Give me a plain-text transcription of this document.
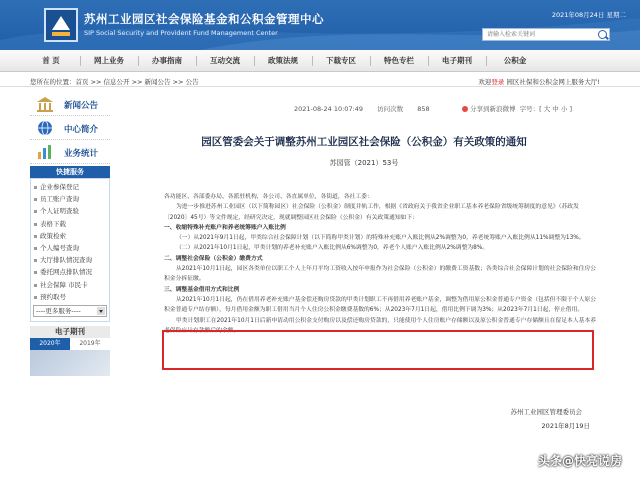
苏州工业园区社会保险基金和公积金管理中心
SIP Social Security and Provident Fund Management Center
2021年08月24日 星期二
请输入检索关键词
首 页	网上业务	办事指南	互动交流	政策法规	下载专区	特色专栏	电子期刊	公积金
您所在的位置：首页 >> 信息公开 >> 新闻公告 >> 公告	欢迎登录 园区社保和公积金网上服务大厅!
新闻公告
中心简介
业务统计
快捷服务
企业参保登记
员工账户查询
个人证明查验
表格下载
政策检索
个人编号查询
大厅排队情况查询
委托网点排队情况
社会保障 市民卡
预约取号
----更多服务----
电子期刊
2020年	2019年
2021-08-24 10:07:49 访问次数 858	分享到新浪微博 字号：[ 大 中 小 ]
园区管委会关于调整苏州工业园区社会保险（公积金）有关政策的通知
苏园管（2021）53号

各功能区、各部委办局、各派驻机构，各公司、各直属单位，各街道，各社工委：

为进一步推进苏州工业园区（以下简称园区）社会保险（公积金）制度并轨工作，根据《省政府关于我省企业职工基本养老保险省级统筹制度的意见》（苏政发〔2020〕45号）等文件规定，经研究决定，现就调整园区社会保险（公积金）有关政策通知如下：

一、收缩特殊补充账户和养老统筹账户入账比例

（一）从2021年9月1日起，甲类综合社会保障计划（以下简称甲类计划）的特殊补充账户入账比例从2%调整为0，养老统筹账户入账比例从11%调整为13%。

（二）从2021年10月1日起，甲类计划的养老补充账户入账比例从6%调整为0，养老个人账户入账比例从2%调整为8%。

二、调整社会保险（公积金）缴费方式

从2021年10月1日起，园区各类单位以职工个人上年月平均工资收入按年申报作为社会保险（公积金）的缴费工资基数；各类综合社会保障计划的社会保险和住房公积金分拆征缴。

三、调整基金借用方式和比例

从2021年10月1日起，仍在借用养老补充账户基金偿还购房贷款的甲类计划职工不再借用养老账户基金，调整为借用原公积金普通专户资金（包括但不限于个人原公积金普通专户结存额），每月借用金额为职工借用当月个人住房公积金缴费基数的6%；从2023年7月1日起，借用比例下调为3%；从2023年7月1日起，停止借用。

甲类计划职工在2021年10月1日后新申请动用公积金支付购房以及偿还购房贷款的，只能使用个人住房账户存储额以及原公积金普通专户存储额且在留足本人基本养老保险应计存款额后的余额。

苏州工业园区管理委员会
2021年8月19日
头条@快亮说房
